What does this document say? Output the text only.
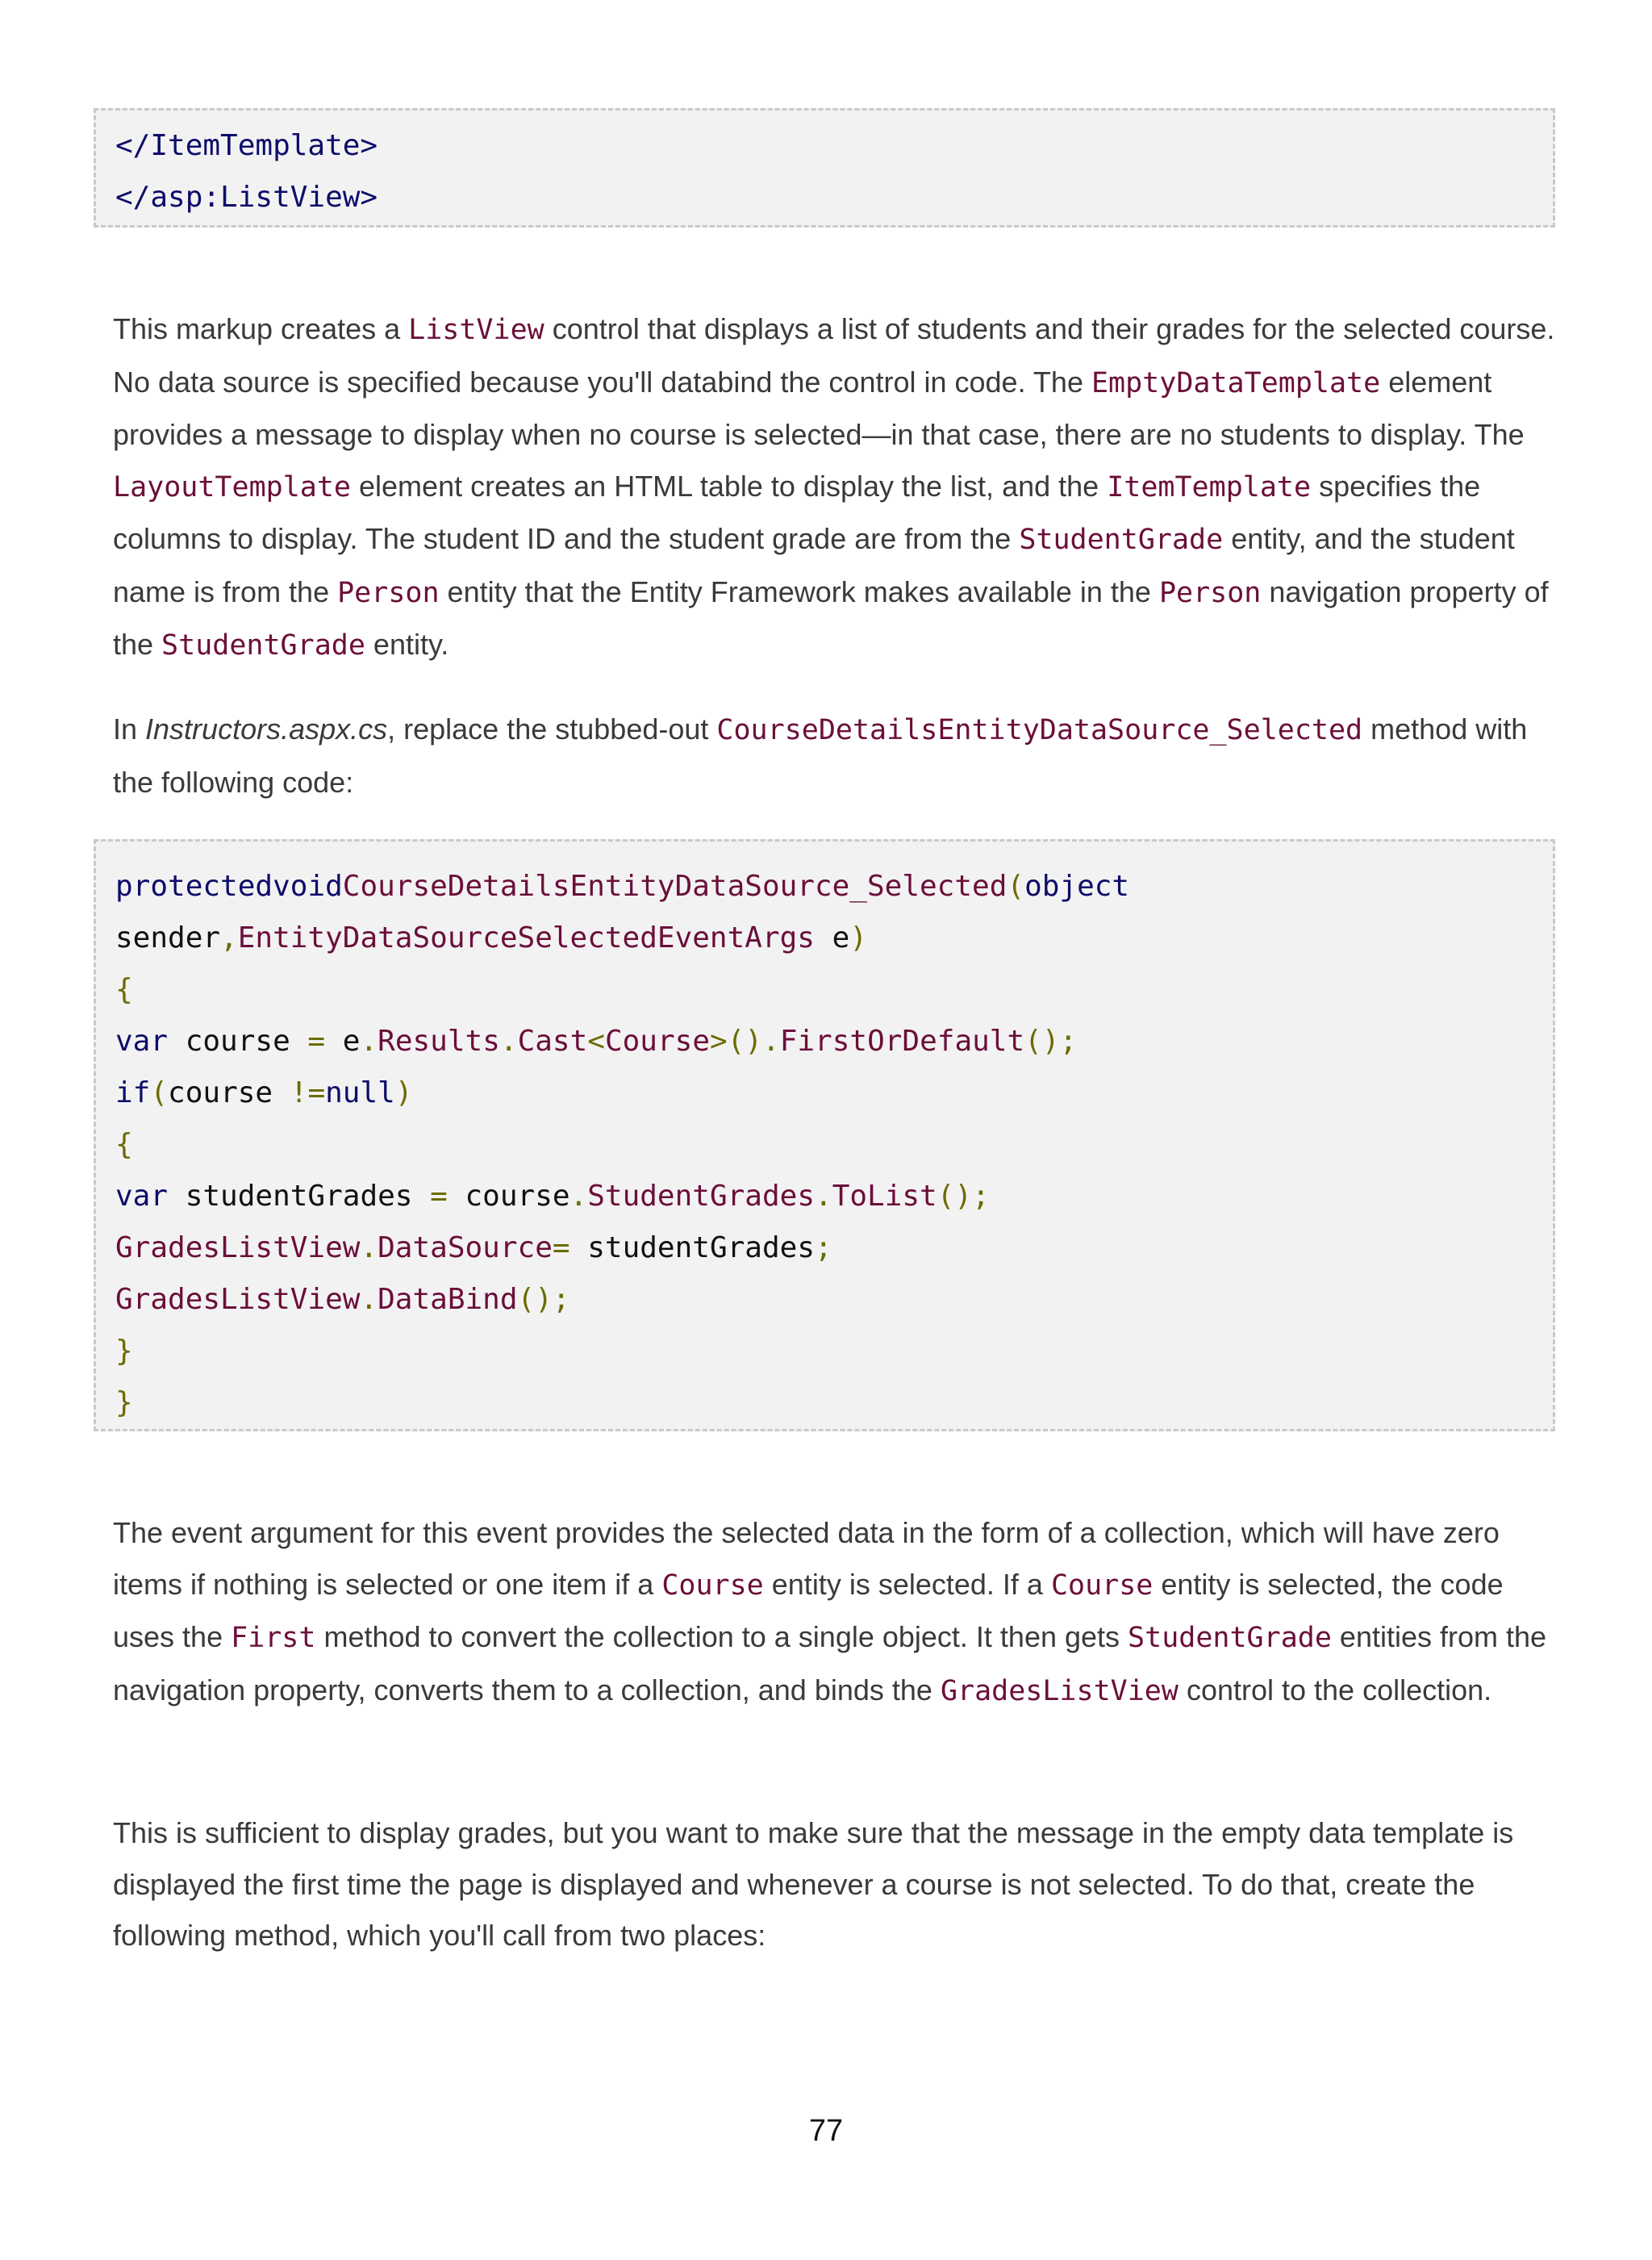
</ItemTemplate>
</asp:ListView>

This markup creates a ListView control that displays a list of students and their grades for the selected course. No data source is specified because you'll databind the control in code. The EmptyDataTemplate element provides a message to display when no course is selected—in that case, there are no students to display. The LayoutTemplate element creates an HTML table to display the list, and the ItemTemplate specifies the columns to display. The student ID and the student grade are from the StudentGrade entity, and the student name is from the Person entity that the Entity Framework makes available in the Person navigation property of the StudentGrade entity.

In Instructors.aspx.cs, replace the stubbed-out CourseDetailsEntityDataSource_Selected method with the following code:

protectedvoidCourseDetailsEntityDataSource_Selected(object
sender,EntityDataSourceSelectedEventArgs e)
{
var course = e.Results.Cast<Course>().FirstOrDefault();
if(course !=null)
{
var studentGrades = course.StudentGrades.ToList();
GradesListView.DataSource= studentGrades;
GradesListView.DataBind();
}
}

The event argument for this event provides the selected data in the form of a collection, which will have zero items if nothing is selected or one item if a Course entity is selected. If a Course entity is selected, the code uses the First method to convert the collection to a single object. It then gets StudentGrade entities from the navigation property, converts them to a collection, and binds the GradesListView control to the collection.

This is sufficient to display grades, but you want to make sure that the message in the empty data template is displayed the first time the page is displayed and whenever a course is not selected. To do that, create the following method, which you'll call from two places:

77
